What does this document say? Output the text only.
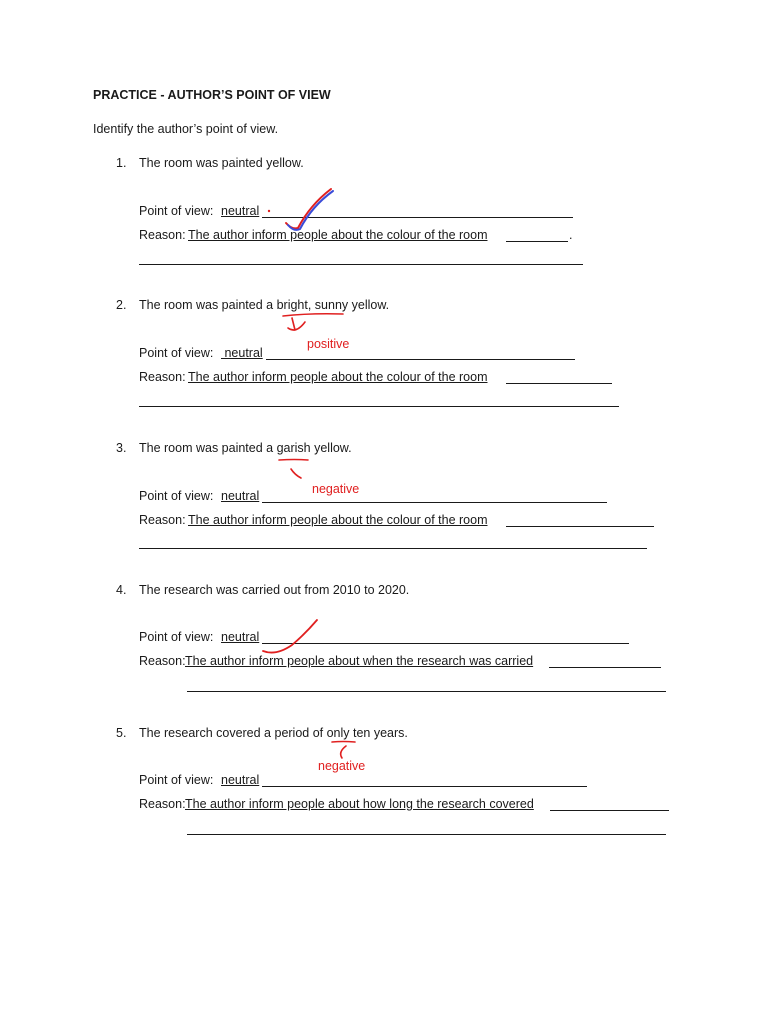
PRACTICE - AUTHOR’S POINT OF VIEW
Identify the author’s point of view.
1. The room was painted yellow.
Point of view: neutral
Reason: The author inform people about the colour of the room	.
2. The room was painted a bright, sunny yellow.
positive
Point of view: neutral
Reason: The author inform people about the colour of the room
3. The room was painted a garish yellow.
negative
Point of view: neutral
Reason: The author inform people about the colour of the room
4. The research was carried out from 2010 to 2020.
Point of view: neutral
Reason: The author inform people about when the research was carried
5. The research covered a period of only ten years.
negative
Point of view: neutral
Reason: The author inform people about how long the research covered
